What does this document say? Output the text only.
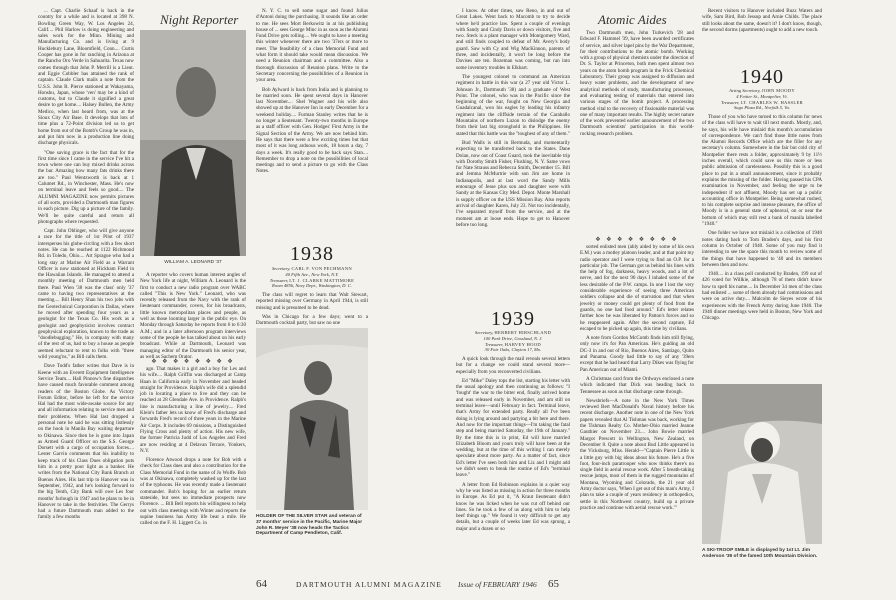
... Capt. Charlie Schaaf is back in the country for a while and is located at 398 N. Bowling Green Way, W. Los Angeles 24, Calif.... Phil Harlow is doing engineering and sales work for the Minn. Mining and Manufacturing Co. and is living at 9 Hucklebury Lane, Bloomfield, Conn.... Curtis Cooper has gone in for ranching in Arizona at the Rancho Oro Verde in Sahuarita. Texas now comes through that John P. Merrill is a Lieut. and Eggie Cobbler has attained the rank of captain. Claude Clark mails a note from the U.S.S. John R. Pierce stationed at Wakayama, Honshu, Japan, whose 'ven' may be a kind of customs, but to Claude it signified a great desire to get home.... Halsey Bullen, the Army Medico, when last heard from, was at the Sioux City Air Base. It develops that lots of time plus a 72-Point division led us to get home from out of the Bomb's Group he was in, and put him now in a production line doing discharge physicals.

"One saving grace is the fact that for the first time since I came in the service I've hit a town where one can buy mixed drinks across the bar. Amazing how many fats drinks there are too." Paul Wentzworth is back at 1 Calumet Rd., in Winchester, Mass. He's now on terminal leave and feels so good.... The ALUMNI MAGAZINE now permits pictures of all sorts, provided a Dartmouth man figures in each picture. Dig up a picture of the family. We'll be quite careful and return all photographs where requested.

Capt. John Oblinger, who will give anyone a race for the title of 1st Pilot of 1937 intersperses his globe-circling with a few short notes. He can be reached at 1122 Richmond Rd. in Toledo, Ohio.... Art Sprague who had a long stay at Marine Air Field as a Warrant Officer is now stationed at Hickham Field in the Hawaiian Islands. He managed to attend a monthly meeting of Dartmouth men held there. Paul Wien '38 was the class' only '37 came to having two representatives at the meeting.... Bill Henry Shan his two jobs with the Geotechnical Corporation in Dallas, where he moved after spending four years as a geologist for the Texas Co. His work as a geologist and geophysicist involves contract geophysical exploration, known to the trade as "doodlebugging." He, in company with many of the rest of us, had to buy a house as people seemed reluctant to rent to folks with "three wild young'ns," as Bill calls them.

Dave Todd's father writes that Dave is in Keene with an Everett Equipment Intelligence Service Team.... Hall Pinnow's fine dispatches have caused much favorable comment among readers of the Boston Globe. As Victory Forum Editor, before he left for the service Hal had the most wide-awake source for any and all information relating to service men and their problems. When Hal last dropped a personal note he said he was sitting listlessly on the hook in Manila Bay waiting departure to Okinawa. Since then he is gone into Japan as Armed Guard Officer on the S.S. George Dorsett with a cargo of occupation forces.... Lester Garvin comments that his inability to keep track of his Class Dues obligation puts him in a pretty poor light as a banker. He writes from the National City Bank Branch at Buenos Aires. His last trip to Hanover was in September, 1942, and he's looking forward to the big Tenth, City Bank will owe Les four months' furlough in 1947 and he plans to be in Hanover to take in the festivities. The Gerrys had a future Dartmouth man added to the family a few months

Night Reporter
WILLIAM A. LEONARD '37

A reporter who covers human interest angles of New York life at night, William A. Leonard is the first to conduct a new radio program over WABC called "This is New York." Leonard, who was recently released from the Navy with the rank of lieutenant commander, covers, for his broadcasts, little known metropolitan places and people, as well as those looming larger in the public eye. On Monday through Saturday he reports from 6 to 6:30 A.M.; and in a later afternoon program interviews some of the people he has talked about on his early broadcast. While at Dartmouth, Leonard was managing editor of the Dartmouth his senior year, as well as Sachem Orator.

❖ ❖ ❖ ❖ ❖ ❖ ❖ ❖

ago. That makes it a girl and a boy for Les and his wife.... Ralph Griffin was discharged at Camp Haan in California early in November and headed straight for Providence. Ralph's wife did a splendid job in locating a place to live and they can be reached at 28 Glendale Ave. in Providence. Ralph's line is manufacturing a line of jewelry.... Fred Klein's father lets us know of Fred's discharge and forwards Fred's record of three years in the Marine Air Corps. It includes 69 missions, a Distinguished Flying Cross and plenty of action. His new wife, the former Patricia Judd of Los Angeles and Fred are now residing at 4 Delavan Terrace, Yonkers, N.Y.

Florence Atwood drops a note for Bob with a check for Class dues and also a contribution for the Class Memorial Fund in the name of Jo Wolfe. Bob was at Okinawa, completely washed up for the last of the typhoons. He was recently made a lieutenant commander. Bob's hoping for an earlier return stateside, but sees no immediate prospects now Florence. ... Bill Bell reports his willingness to help out with class meetings with Winter and reports the supine business has Army life beat a mile. He called on the F. H. Liggett Co. in

N. Y. C. to sell some sugar and found Julius d'Antoni doing the purchasing. It sounds like an order to me. He sees Mort Berkowitz in at his publishing house of ... sees George Minc in as soon as the Alumni Fund Drive gets rolling.... We ought to have a meeting this winter whenever there are two '37ers or more to meet. The feasibility of a class Memorial Fund and what form it should take would mean discussion. We need a Reunion chairman and a committee. Also a thorough discussion of Reunion plans. Write to the Secretary concerning the possibilities of a Reunion in your area.

Bob Aylward is back from India and is planning to be married soon. He spent several days in Hanover last November.... Shel Wagner and his wife also showed up at the Hanover Inn in early December for a weekend holiday.... Furman Stanley writes that he is no longer a lieutenant. Twenty-two months in Europe as a staff officer with Gen. Hodges' First Army in the Signal Section of the Army. We are now behind him. He says that there were a few exciting times but that most of it was long arduous work, 18 hours a day, 7 days a week. It's really good to be back says Stan.... Remember to drop a note on the possibilities of local meetings and to send a picture to go with the Class Notes.

1938
Secretary, CARL F. VON PECHMANN
40 Fifth Ave., New York, N.Y.
Treasurer, LT. J. CLARKE MATTIMORE
Room 4856, Navy Dept., Washington, D. C.

The class will regret to learn that Walt Stewart, reported missing over Germany in April 1944, is still missing and is presumed to be dead.

Was in Chicago for a few days; went to a Dartmouth cocktail party, but saw no one

HOLDER OF THE SILVER STAR and veteran of 37 months' service in the Pacific, Marine Major John R. Meyer '38 now heads the Tactics Department of Camp Pendleton, Calif.
64	DARTMOUTH ALUMNI MAGAZINE

I know. At other times, saw Reno, in and out of Great Lakes. Went back to Macomb to try to decide where he'd practice law. Spent a couple of evenings with Sandy and Cindy Davis or down visitors, five and two. Steck is a plant manager with Montgomery Ward, and still finds coupled to defeat of Mr. Avery's body guard. Saw with Cy and Wig MacKinnon, parents of three, and incidentally, it won't be long before the Davises are ten. Bozeman was coming, but ran into some inventory troubles in Elkhart.

The youngest colonel to command an American regiment in battle in this war (a 27 year old Victor L. Johnson Jr., Dartmouth '38) and a graduate of West Point. The colonel, who was in the Pacific since the beginning of the war, fought on New Georgia and Guadalcanal, won his eagles by leading his infantry regiment into the cliffside terrain of the Caraballo Mountains of northern Luzon to dislodge the enemy from their last big stronghold in the Philippines. He stated that this battle was the "toughest of any of them."

Bud Walls is still in Bermuda, and momentarily expecting to be transferred back to the States. Dane Dolan, now out of Coast Guard, took the inevitable trip with Dorothy Smith Fisher, Flushing, N. Y. Same vows for Nate Strauss and Rebecca Smith, December 15. Bill and Jemma McMurtrie with son Jim are home in Indianapolis, and at last word the Sandy Mills entourage of Jesse plus son and daughter were with Sandy at the Kansas City Med. Depot. Monte Marshall is supply officer on the USS Mission Bay. Also reports arrival of daughter Karen, July 23. Not too incidentally, I've separated myself from the service, and at the moment am at loose ends. Hope to get to Hanover before too long.

1939
Secretary, HERBERT HIRSCHLAND
100 Park Drive, Gossland, N. J.
Treasurer, HARVEY HOOD
30 Fair Oaks, Clayton 17, Mo.

A quick look through the mail reveals several letters but for a change we could stand several more—especially from you reconverted civilians.

Ed "Mike" Daley tops the list, starting his letter with the usual apology and then continuing as follows: "I 'fought' the war to the bitter end, finally arrived home and was released early in November, and am still on terminal leave—until February in fact. Terminal leave, that's Army for extended party. Really all I've been doing is lying around and partying a bit here and there. And now for the important things—I'm taking the fatal step and being married Saturday, the 19th of January." By the time this is in print, Ed will have married Elizabeth Bloom and yours truly will have been at the wedding, but at the time of this writing I can merely speculate about more party. As a matter of fact, since Ed's letter I've seen both him and Liz and I might add we didn't seem to break the routine of Ed's "terminal leave."

A letter from Ed Robinson explains in a quiet way why he was listed as missing in action for three months in Europe. As Ed put it, "A Kraut lieutenant didn't know he was licked when he was cut off behind our lines. So he took a few of us along with him to help beef things up." We found it very difficult to get any details, but a couple of weeks later Ed was sprung, a major and a dozen or so

Atomic Aides

Two Dartmouth men, John Turkevich '28 and Edward F. Hammel '39, have been awarded certificates of service, and silver lapel pins by the War Department, for their contributions to the atomic bomb. Working with a group of physical chemists under the direction of Dr. S. Taylor at Princeton, both men spent almost two years on the atom bomb program in the Frick Chemical Laboratory. Their group was assigned to diffusion and heavy water problems, and the development of new analytical methods of study, manufacturing processes, and evaluating testing of materials that entered into various stages of the bomb project. A processing method vital to the recovery of fissionable material was one of many important results. The highly secret nature of the work prevented earlier announcement of the two Dartmouth scientists' participation in this world-rocking research problem.

❖ ❖ ❖ ❖ ❖ ❖ ❖ ❖

sorted enlisted men (ably aided by some of his own E.M.) was a motley platoon leader, and at that point my radio operator and I were trying to find an O.P. for a particular job. The German got us behind his lines with the help of fog, darkness, heavy woods, and a lot of nerve, and for the next 90 days I inhaled some of the less desirable of the P.W. camps. In one I lost the very considerable experience of seeing three American soldiers collapse and die of starvation and that when jewelry or money could get plenty of food from the guards, no one had food around." Ed's letter relates further how he was liberated by Patton's forces and so he reappeared again. After the second capture, Ed escaped to be picked up again, this time by civilians.

A note from Gordon McComb finds him still flying, only now it's for Pan American. He's guiding an old DC-3 in and out of Rio, Buenos Aires, Santiago, Quito and Panama. Goody had little to say of any '39ers except that he had heard that Larry Dikes was flying for Pan American out of Miami.

A Christmas card from the Ordways enclosed a note which indicated that Dick was heading back to Tennessee as soon as that discharge came through.

Newsbriefs—A note in the New York Times reviewed Bert MacDonald's Naval history before his recent discharge. Another note in one of the New York papers revealed that Al Tishman was back, working for the Tishman Realty Co. Mother-Ohio married Jeanne Gauthier on November 23.... John Bowie married Margot Prescott in Wellington, New Zealand, on December 8. Quite a note about Bud Little appeared in the Vicksburg, Miss. Herald—"Captain Pierre Little is a little guy with big ideas about his future. He's a five foot, four-inch paratrooper who now thinks there's no single field in aerial rescue work. After 5 breath-taking rescue jumps, most of them in the rugged mountains of Montana, Wyoming and Colorado, the 21 year old Army doctor says, 'When I get out of this man's Army, I plan to take a couple of years residency in orthopedics, settle in this Northwest country, build up a private practice and continue with aerial rescue work.'"

Recent visitors to Hanover included Buzz Waters and wife, Sam Bird, Bob Jessup and Arnie Childs. The place still looks about the same, doesn't it? I don't know, though, the second dorms (apartments) ought to add a new touch.

1940
Acting Secretary, JOHN MOODY
4 Fettier St., Montpelier, Vt.
Treasurer, LT. CHARLES W. HASSLER
Sago Plaza Rd., Norfolk 5, Va.

Those of you who have turned to this column for news of the class will have to wait till next month. Mostly, and, he says, his wife have mislaid this month's accumulation of correspondence. We can't find those little notes from the Alumni Records Office which are the filler for any secretary's column. Somewhere in the fair but cold city of Montpelier there rests a folder, approximately 9 by 11½ inches overall, which could save us this more or less public admission of carelessness. Possibly this is a good place to put in a small announcement, since it probably explains the missing of the folder. Having passed his CPA examination in November, and feeling the urge to be independent if not affluent, Moody has set up a public accounting office in Montpelier. Being somewhat rushed, to his complete surprise and intense pleasure, the office of Moody is in a general state of upheaval, on or near the bottom of which may still rest a bank of manila labelled "1940."

One folder we have not mislaid is a collection of 1940 notes dating back to Tom Braden's days, and his first column in October of 1940. Some of you may find it interesting to see the space this month to review some of the things that have happened to '40 and its members between then and now.

1940.... in a class poll conducted by Braden, 199 out of 426 voted for Willkie, although 78 of them didn't know how to spell his name.... In December 34 men of the class had enlisted ... some of them already had commissions and were on active duty.... Malcolm de Sieyes wrote of his experiences with the French Army during June 1940. The 1940 dinner meetings were held in Boston, New York and Chicago.

A SKI-TROOP SMILE is displayed by 1st Lt. Jim Anderson '39 of the famed 10th Mountain Division.
Issue of FEBRUARY 1946 65
